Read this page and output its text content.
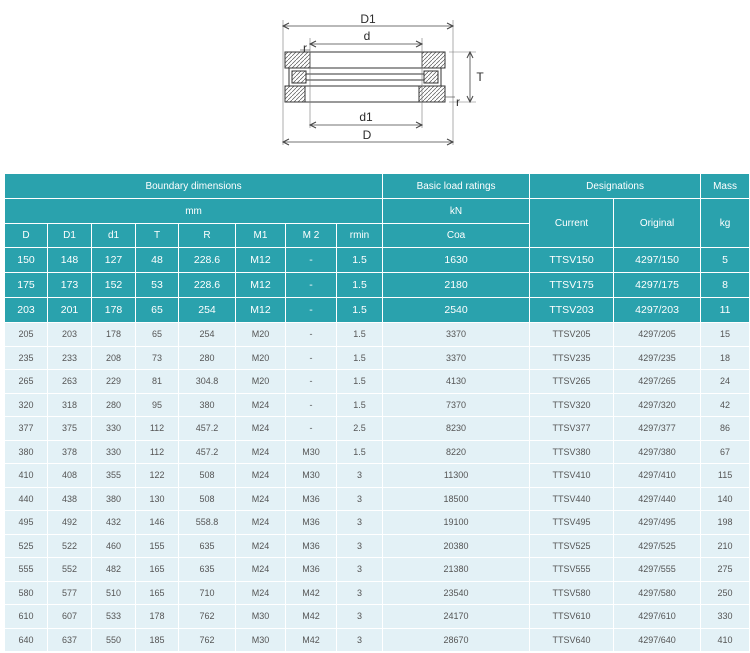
D1
d
r
T
r
d1
D
Boundary dimensions								Basic load ratings	Designations		Mass
mm								kN	Current	Original	kg
D	D1	d1	T	R	M1	M 2	rmin	Coa			
150	148	127	48	228.6	M12	-	1.5	1630	TTSV150	4297/150	5
175	173	152	53	228.6	M12	-	1.5	2180	TTSV175	4297/175	8
203	201	178	65	254	M12	-	1.5	2540	TTSV203	4297/203	11
205	203	178	65	254	M20	-	1.5	3370	TTSV205	4297/205	15
235	233	208	73	280	M20	-	1.5	3370	TTSV235	4297/235	18
265	263	229	81	304.8	M20	-	1.5	4130	TTSV265	4297/265	24
320	318	280	95	380	M24	-	1.5	7370	TTSV320	4297/320	42
377	375	330	112	457.2	M24	-	2.5	8230	TTSV377	4297/377	86
380	378	330	112	457.2	M24	M30	1.5	8220	TTSV380	4297/380	67
410	408	355	122	508	M24	M30	3	11300	TTSV410	4297/410	115
440	438	380	130	508	M24	M36	3	18500	TTSV440	4297/440	140
495	492	432	146	558.8	M24	M36	3	19100	TTSV495	4297/495	198
525	522	460	155	635	M24	M36	3	20380	TTSV525	4297/525	210
555	552	482	165	635	M24	M36	3	21380	TTSV555	4297/555	275
580	577	510	165	710	M24	M42	3	23540	TTSV580	4297/580	250
610	607	533	178	762	M30	M42	3	24170	TTSV610	4297/610	330
640	637	550	185	762	M30	M42	3	28670	TTSV640	4297/640	410
